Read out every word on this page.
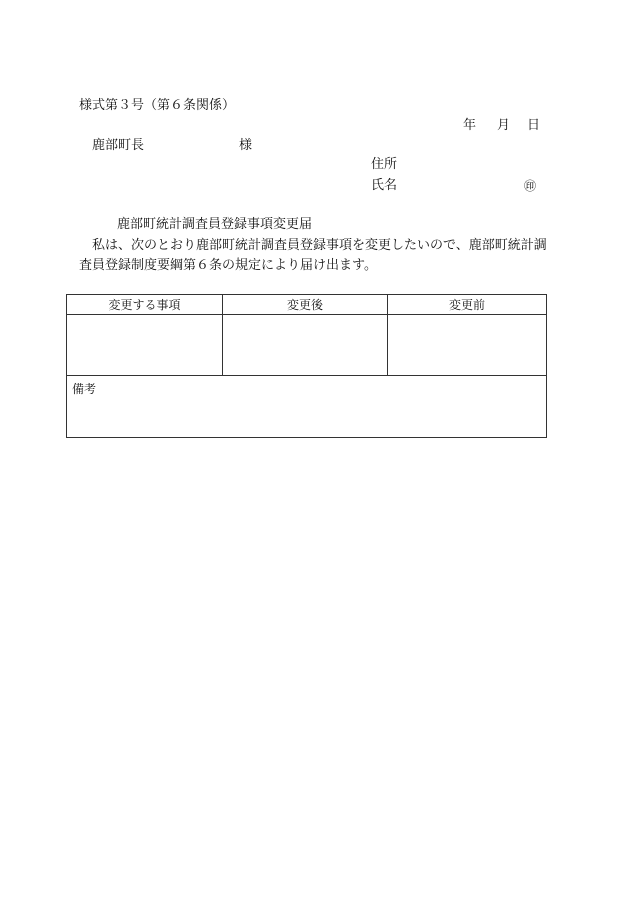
様式第３号（第６条関係）
年 月 日
鹿部町長	様
住所
氏名	㊞
鹿部町統計調査員登録事項変更届
私は、次のとおり鹿部町統計調査員登録事項を変更したいので、鹿部町統計調査員登録制度要綱第６条の規定により届け出ます。
変更する事項	変更後	変更前

備考		
